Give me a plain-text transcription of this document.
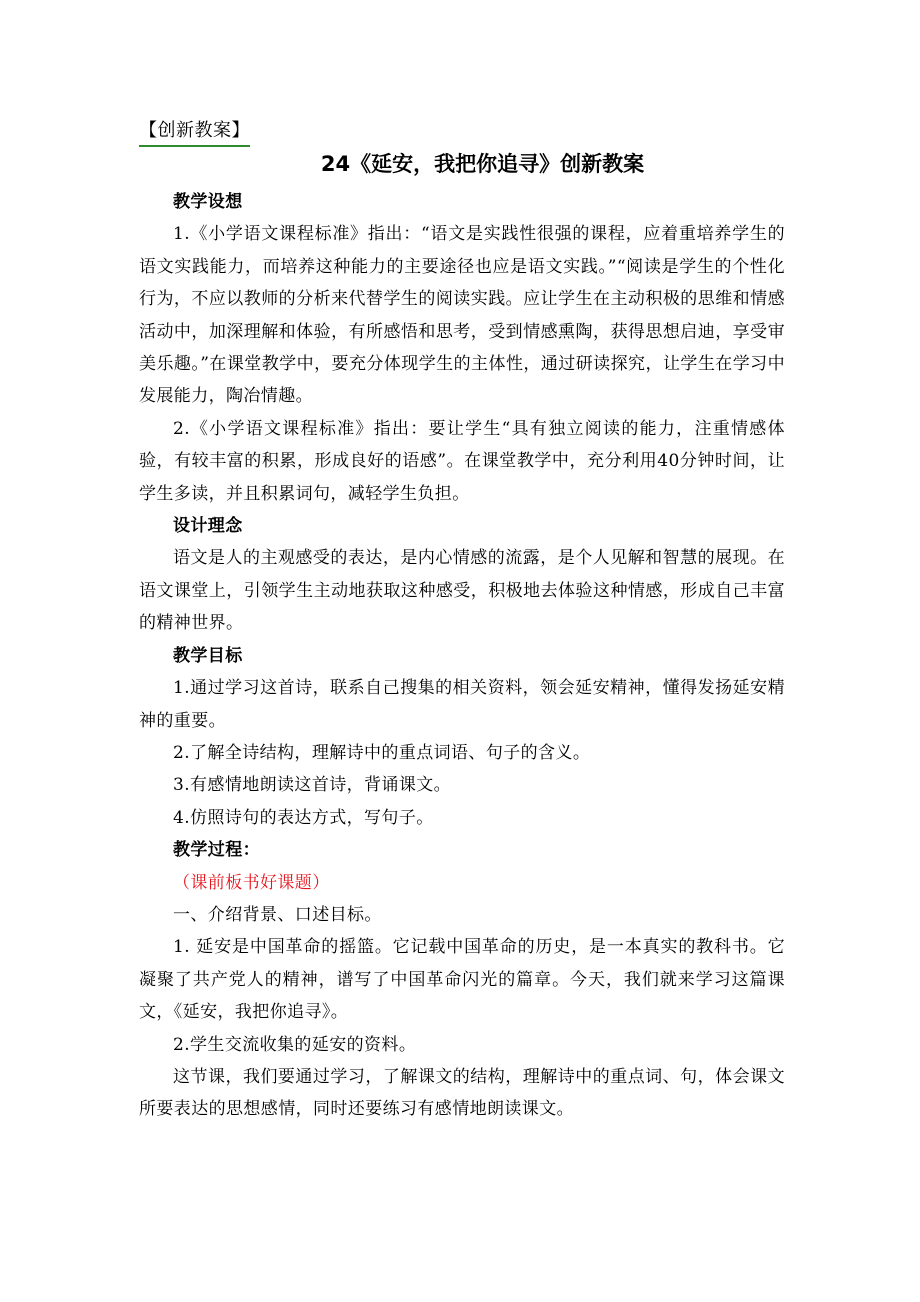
【创新教案】
24《延安，我把你追寻》创新教案

教学设想

1.《小学语文课程标准》指出：“语文是实践性很强的课程，应着重培养学生的语文实践能力，而培养这种能力的主要途径也应是语文实践。”“阅读是学生的个性化行为，不应以教师的分析来代替学生的阅读实践。应让学生在主动积极的思维和情感活动中，加深理解和体验，有所感悟和思考，受到情感熏陶，获得思想启迪，享受审美乐趣。”在课堂教学中，要充分体现学生的主体性，通过研读探究，让学生在学习中发展能力，陶冶情趣。

2.《小学语文课程标准》指出：要让学生“具有独立阅读的能力，注重情感体验，有较丰富的积累，形成良好的语感”。在课堂教学中，充分利用40分钟时间，让学生多读，并且积累词句，减轻学生负担。

设计理念

语文是人的主观感受的表达，是内心情感的流露，是个人见解和智慧的展现。在语文课堂上，引领学生主动地获取这种感受，积极地去体验这种情感，形成自己丰富的精神世界。

教学目标

1.通过学习这首诗，联系自己搜集的相关资料，领会延安精神，懂得发扬延安精神的重要。

2.了解全诗结构，理解诗中的重点词语、句子的含义。

3.有感情地朗读这首诗，背诵课文。

4.仿照诗句的表达方式，写句子。

教学过程：

（课前板书好课题）

一、介绍背景、口述目标。

1. 延安是中国革命的摇篮。它记载中国革命的历史，是一本真实的教科书。它凝聚了共产党人的精神，谱写了中国革命闪光的篇章。今天，我们就来学习这篇课文，《延安，我把你追寻》。

2.学生交流收集的延安的资料。

这节课，我们要通过学习，了解课文的结构，理解诗中的重点词、句，体会课文所要表达的思想感情，同时还要练习有感情地朗读课文。
